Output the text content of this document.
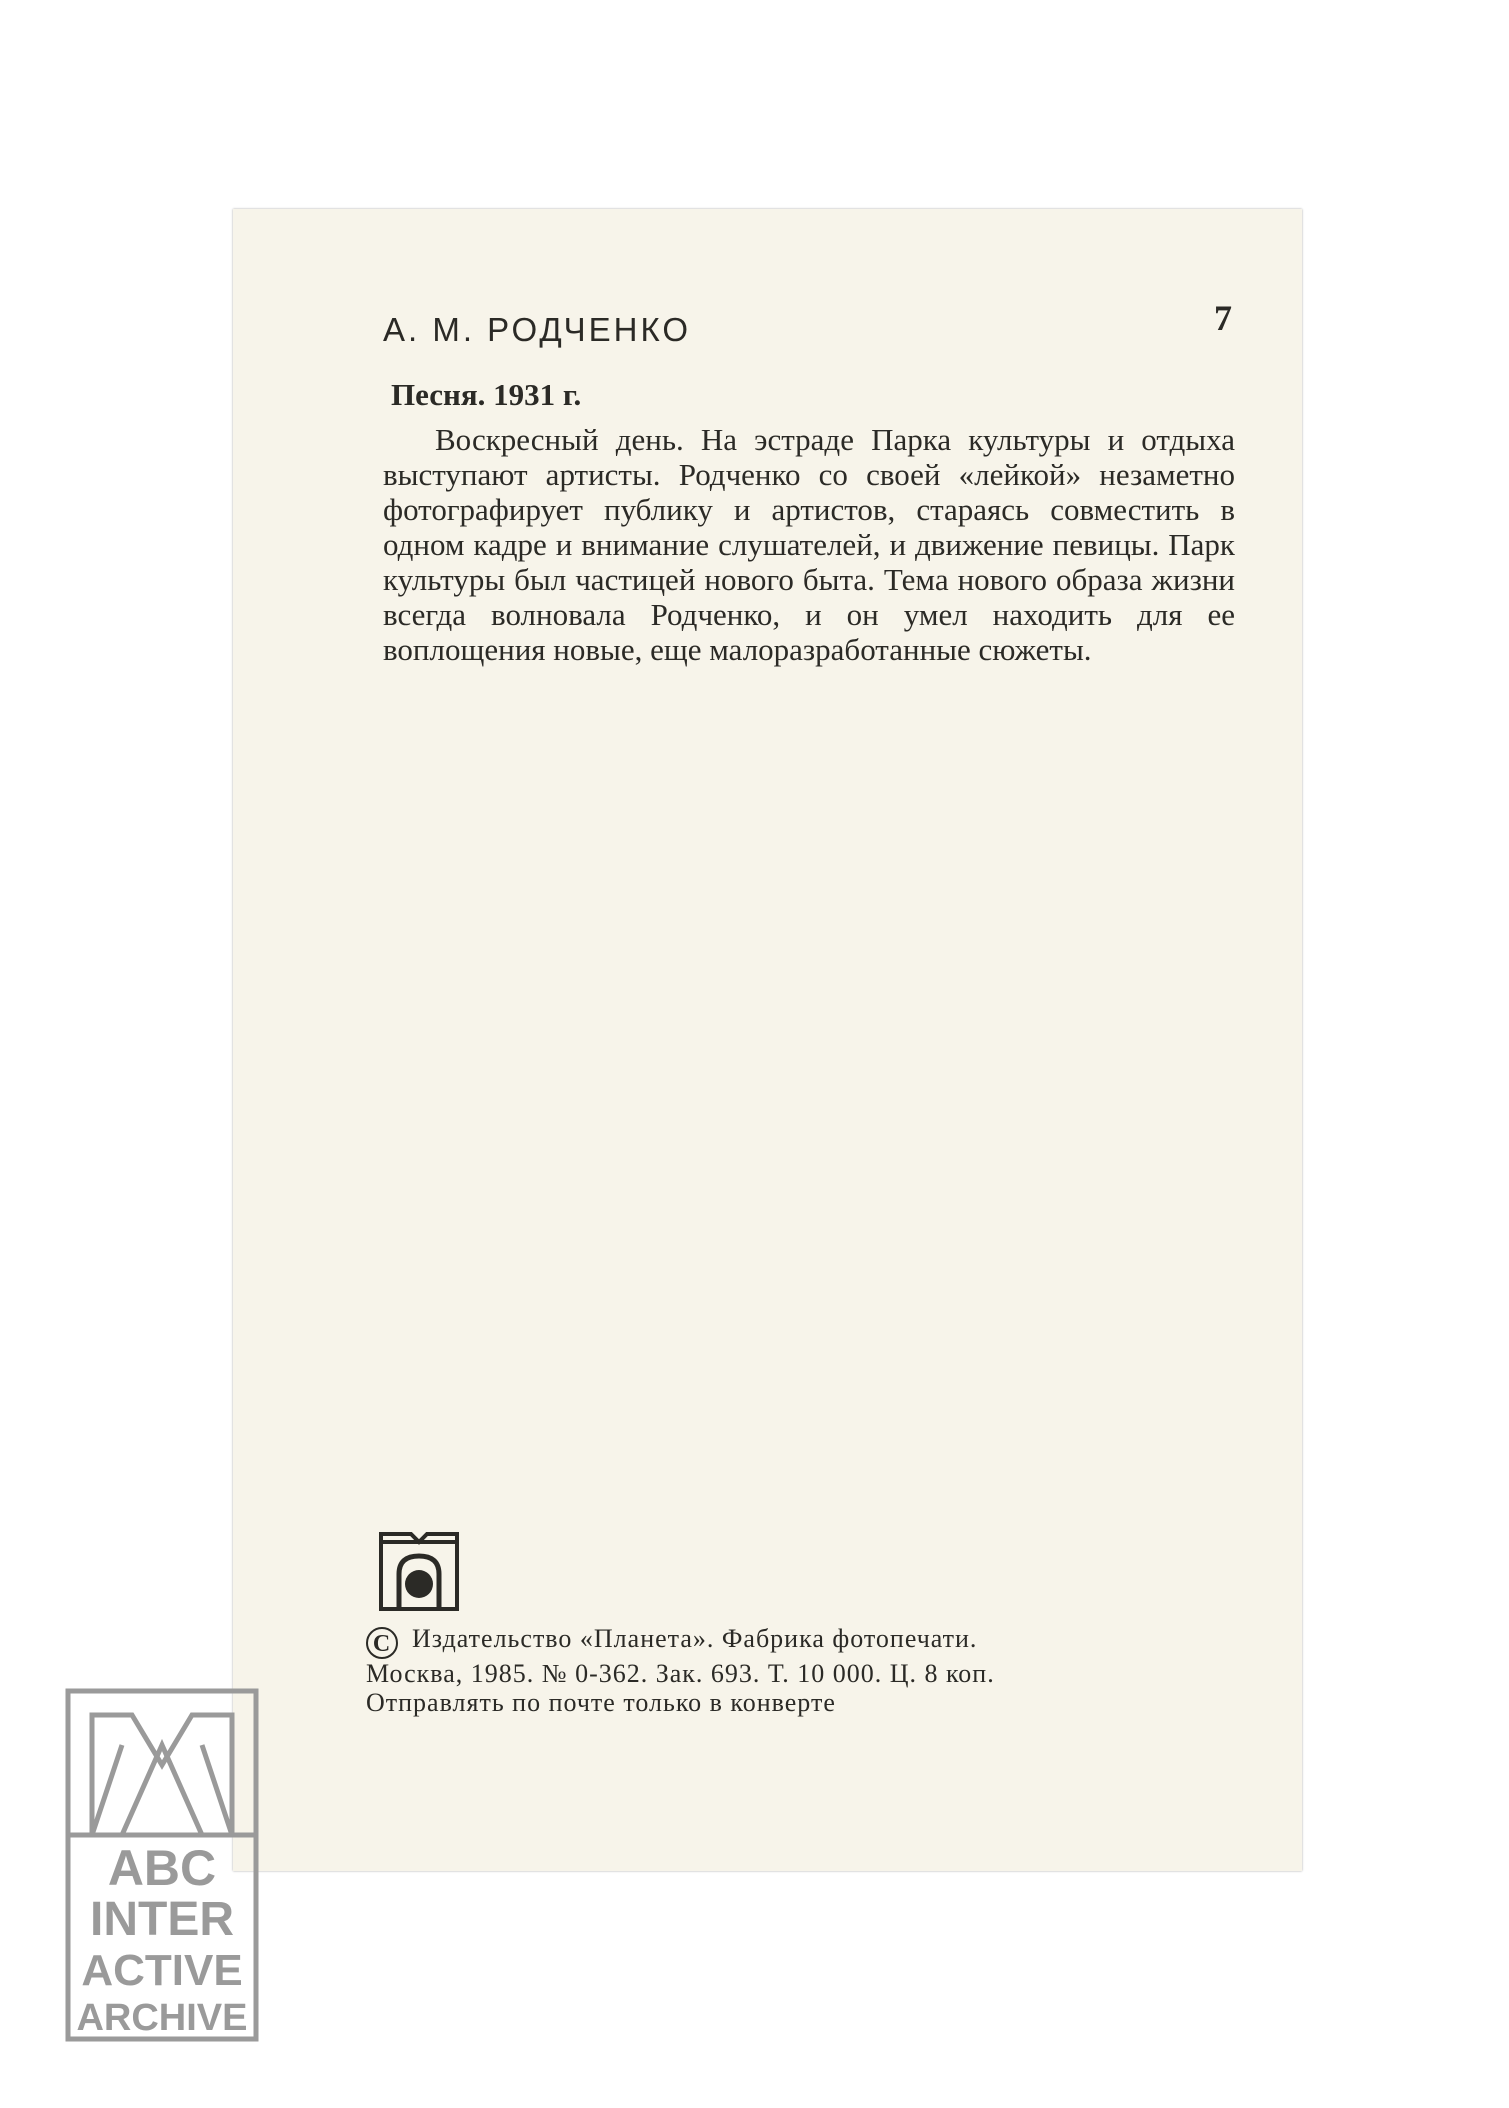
А. М. РОДЧЕНКО	7
Песня. 1931 г.
Воскресный день. На эстраде Парка культуры и отдыха выступают артисты. Родченко со своей «лейкой» незаметно фотографирует публику и артистов, стараясь совместить в одном кадре и внимание слушателей, и движение певицы. Парк культуры был частицей нового быта. Тема нового образа жизни всегда волновала Родченко, и он умел находить для ее воплощения новые, еще малоразработанные сюжеты.
С Издательство «Планета». Фабрика фотопечати.
Москва, 1985. № 0-362. Зак. 693. Т. 10 000. Ц. 8 коп.
Отправлять по почте только в конверте
ABC
INTER
ACTIVE
ARCHIVE
